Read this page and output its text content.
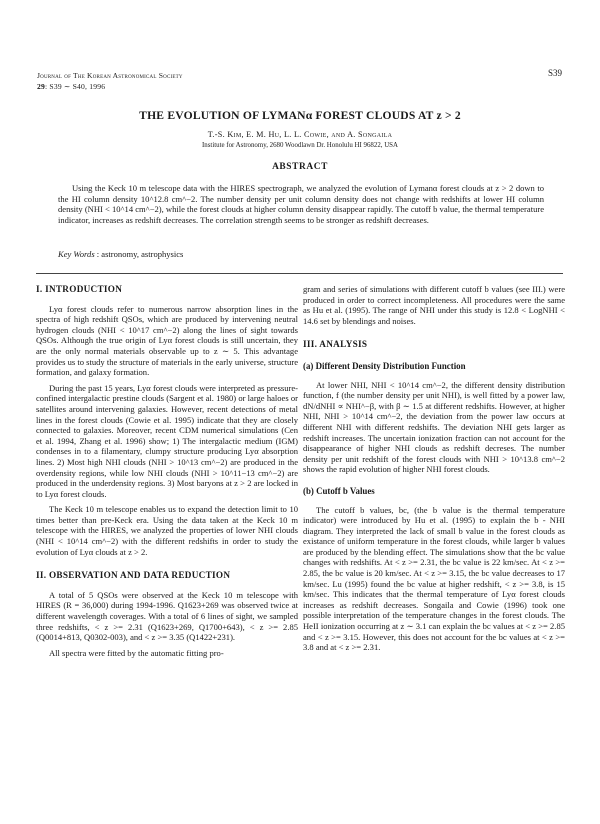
Journal of The Korean Astronomical Society
29: S39 ∼ S40, 1996
S39
THE EVOLUTION OF LYMANα FOREST CLOUDS AT z > 2
T.-S. Kim, E. M. Hu, L. L. Cowie, and A. Songaila
Institute for Astronomy, 2680 Woodlawn Dr. Honolulu HI 96822, USA
ABSTRACT

Using the Keck 10 m telescope data with the HIRES spectrograph, we analyzed the evolution of Lymanα forest clouds at z > 2 down to the HI column density 10^12.8 cm^−2. The number density per unit column density does not change with redshifts at lower HI column density (NHI < 10^14 cm^−2), while the forest clouds at higher column density disappear rapidly. The cutoff b value, the thermal temperature indicator, increases as redshift decreases. The correlation strength seems to be stronger as redshift decreases.

Key Words : astronomy, astrophysics
I. INTRODUCTION

Lyα forest clouds refer to numerous narrow absorption lines in the spectra of high redshift QSOs, which are produced by intervening neutral hydrogen clouds (NHI < 10^17 cm^−2) along the lines of sight towards QSOs. Although the true origin of Lyα forest clouds is still uncertain, they are the only normal materials observable up to z ∼ 5. This advantage provides us to study the structure of materials in the early universe, structure formation, and galaxy formation.

During the past 15 years, Lyα forest clouds were interpreted as pressure-confined intergalactic prestine clouds (Sargent et al. 1980) or large haloes or satellites around intervening galaxies. However, recent detections of metal lines in the forest clouds (Cowie et al. 1995) indicate that they are closely connected to galaxies. Moreover, recent CDM numerical simulations (Cen et al. 1994, Zhang et al. 1996) show; 1) The intergalactic medium (IGM) condenses in to a filamentary, clumpy structure producing Lyα absorption lines. 2) Most high NHI clouds (NHI > 10^13 cm^−2) are produced in the overdensity regions, while low NHI clouds (NHI > 10^11−13 cm^−2) are produced in the underdensity regions. 3) Most baryons at z > 2 are locked in to Lyα forest clouds.

The Keck 10 m telescope enables us to expand the detection limit to 10 times better than pre-Keck era. Using the data taken at the Keck 10 m telescope with the HIRES, we analyzed the properties of lower NHI clouds (NHI < 10^14 cm^−2) with the different redshifts in order to study the evolution of Lyα clouds at z > 2.

II. OBSERVATION AND DATA REDUCTION

A total of 5 QSOs were observed at the Keck 10 m telescope with HIRES (R = 36,000) during 1994-1996. Q1623+269 was observed twice at different wavelength coverages. With a total of 6 lines of sight, we sampled three redshifts, < z >= 2.31 (Q1623+269, Q1700+643), < z >= 2.85 (Q0014+813, Q0302-003), and < z >= 3.35 (Q1422+231).

All spectra were fitted by the automatic fitting pro-

gram and series of simulations with different cutoff b values (see III.) were produced in order to correct incompleteness. All procedures were the same as Hu et al. (1995). The range of NHI under this study is 12.8 < LogNHI < 14.6 set by blendings and noises.

III. ANALYSIS
(a) Different Density Distribution Function

At lower NHI, NHI < 10^14 cm^−2, the different density distribution function, f (the number density per unit NHI), is well fitted by a power law, dN/dNHI ∝ NHI^−β, with β ∼ 1.5 at different redshifts. However, at higher NHI, NHI > 10^14 cm^−2, the deviation from the power law occurs at different NHI with different redshifts. The deviation NHI gets larger as redshift increases. The uncertain ionization fraction can not account for the disappearance of higher NHI clouds as redshift decreses. The number density per unit redshift of the forest clouds with NHI > 10^13.8 cm^−2 shows the rapid evolution of higher NHI forest clouds.

(b) Cutoff b Values

The cutoff b values, bc, (the b value is the thermal temperature indicator) were introduced by Hu et al. (1995) to explain the b - NHI diagram. They interpreted the lack of small b value in the forest clouds as existance of uniform temperature in the forest clouds, while larger b values are produced by the blending effect. The simulations show that the bc value changes with redshifts. At < z >= 2.31, the bc value is 22 km/sec. At < z >= 2.85, the bc value is 20 km/sec. At < z >= 3.15, the bc value decreases to 17 km/sec. Lu (1995) found the bc value at higher redshift, < z >= 3.8, is 15 km/sec. This indicates that the thermal temperature of Lyα forest clouds increases as redshift decreases. Songaila and Cowie (1996) took one possible interpretation of the temperature changes in the forest clouds. The HeII ionization occurring at z ∼ 3.1 can explain the bc values at < z >= 2.85 and < z >= 3.15. However, this does not account for the bc values at < z >= 3.8 and at < z >= 2.31.
